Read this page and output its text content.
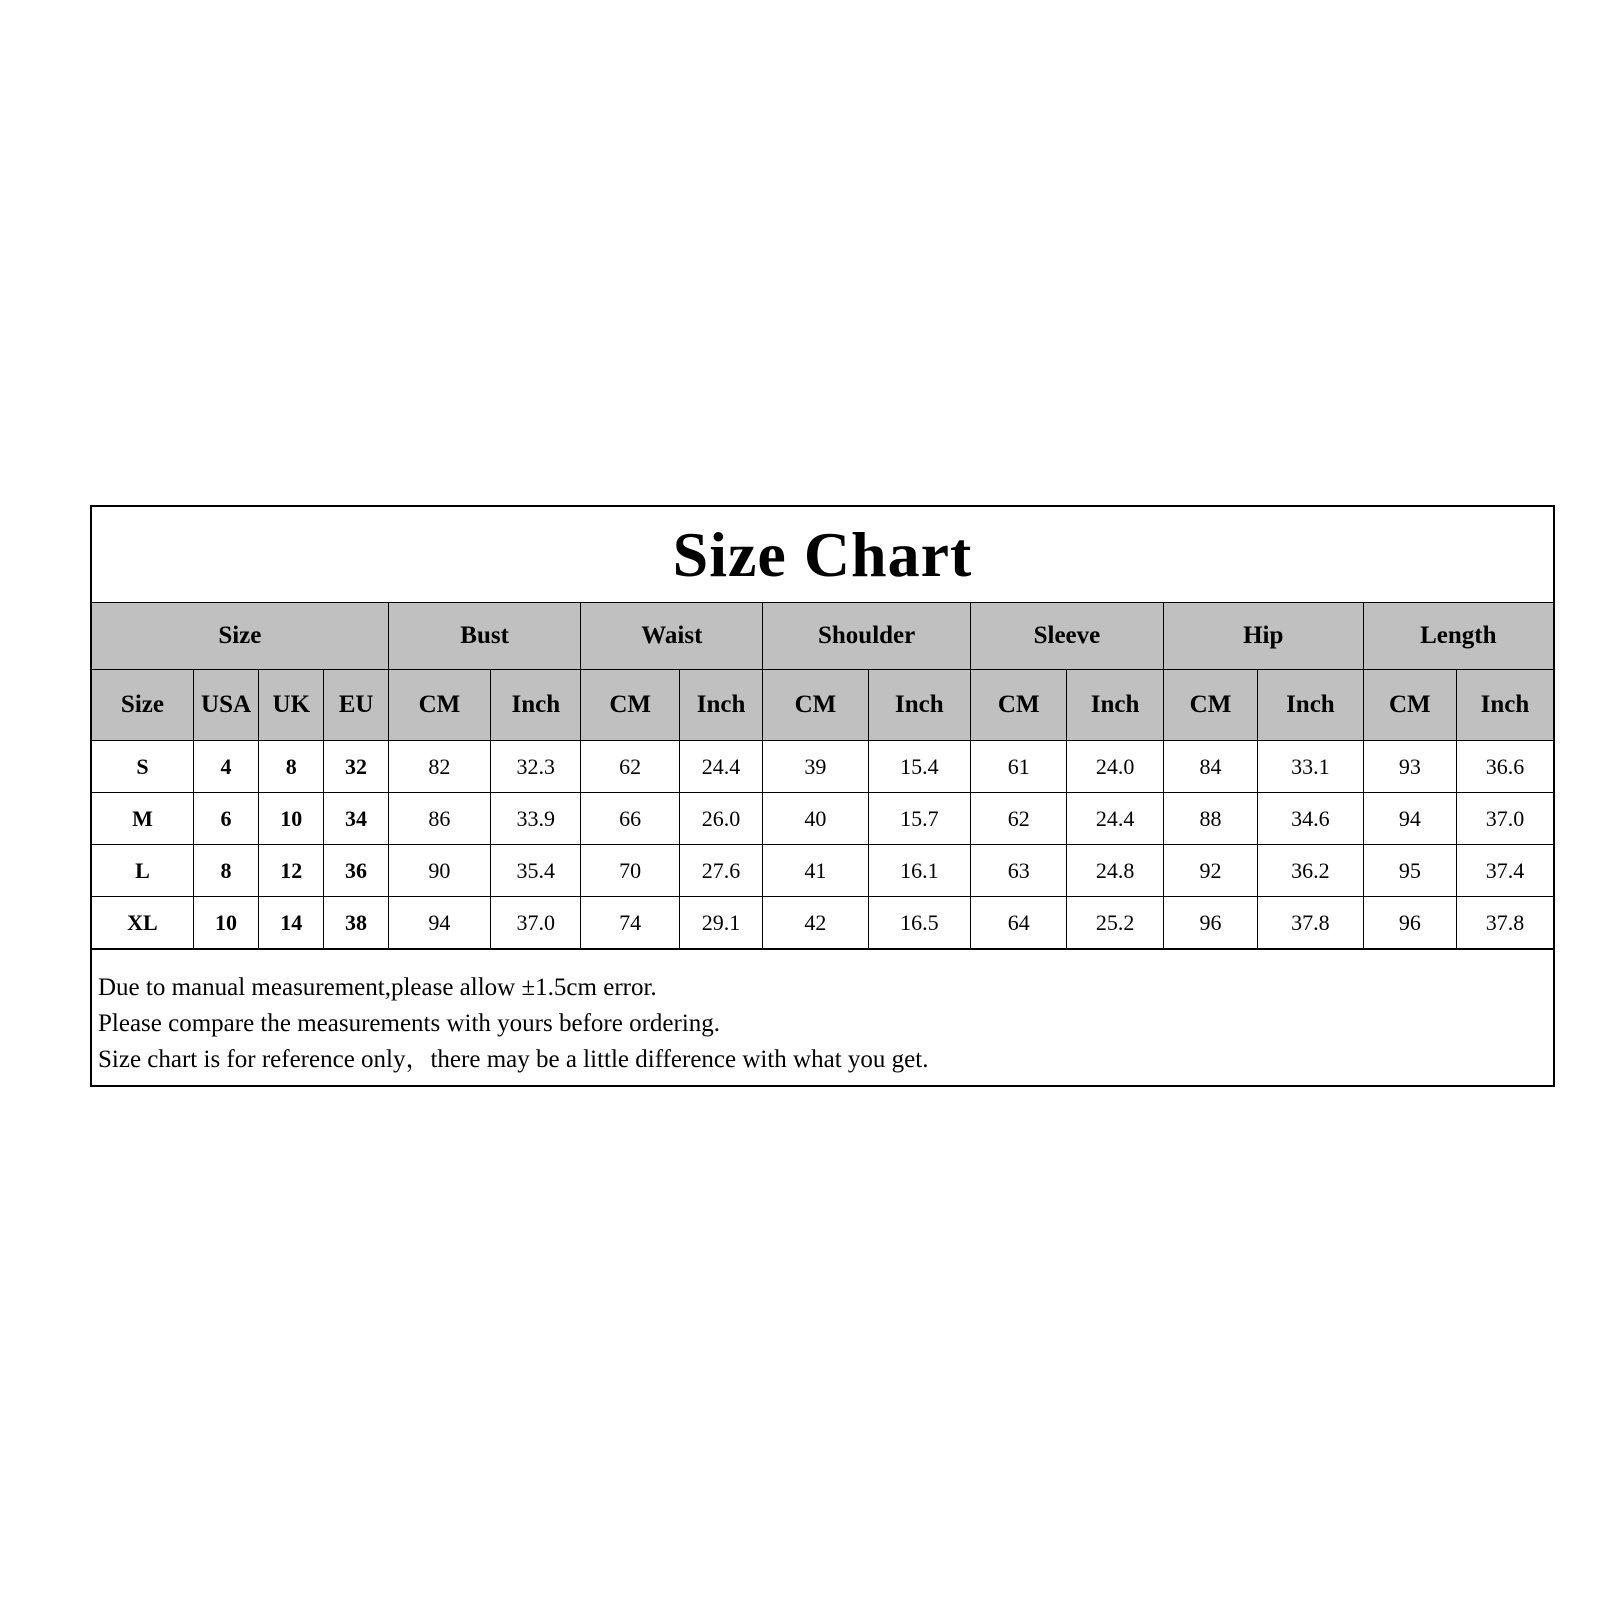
Size Chart
Size				Bust		Waist		Shoulder		Sleeve		Hip		Length	
Size	USA	UK	EU	CM	Inch	CM	Inch	CM	Inch	CM	Inch	CM	Inch	CM	Inch
S	4	8	32	82	32.3	62	24.4	39	15.4	61	24.0	84	33.1	93	36.6
M	6	10	34	86	33.9	66	26.0	40	15.7	62	24.4	88	34.6	94	37.0
L	8	12	36	90	35.4	70	27.6	41	16.1	63	24.8	92	36.2	95	37.4
XL	10	14	38	94	37.0	74	29.1	42	16.5	64	25.2	96	37.8	96	37.8

Due to manual measurement,please allow ±1.5cm error.

Please compare the measurements with yours before ordering.

Size chart is for reference only，there may be a little difference with what you get.
